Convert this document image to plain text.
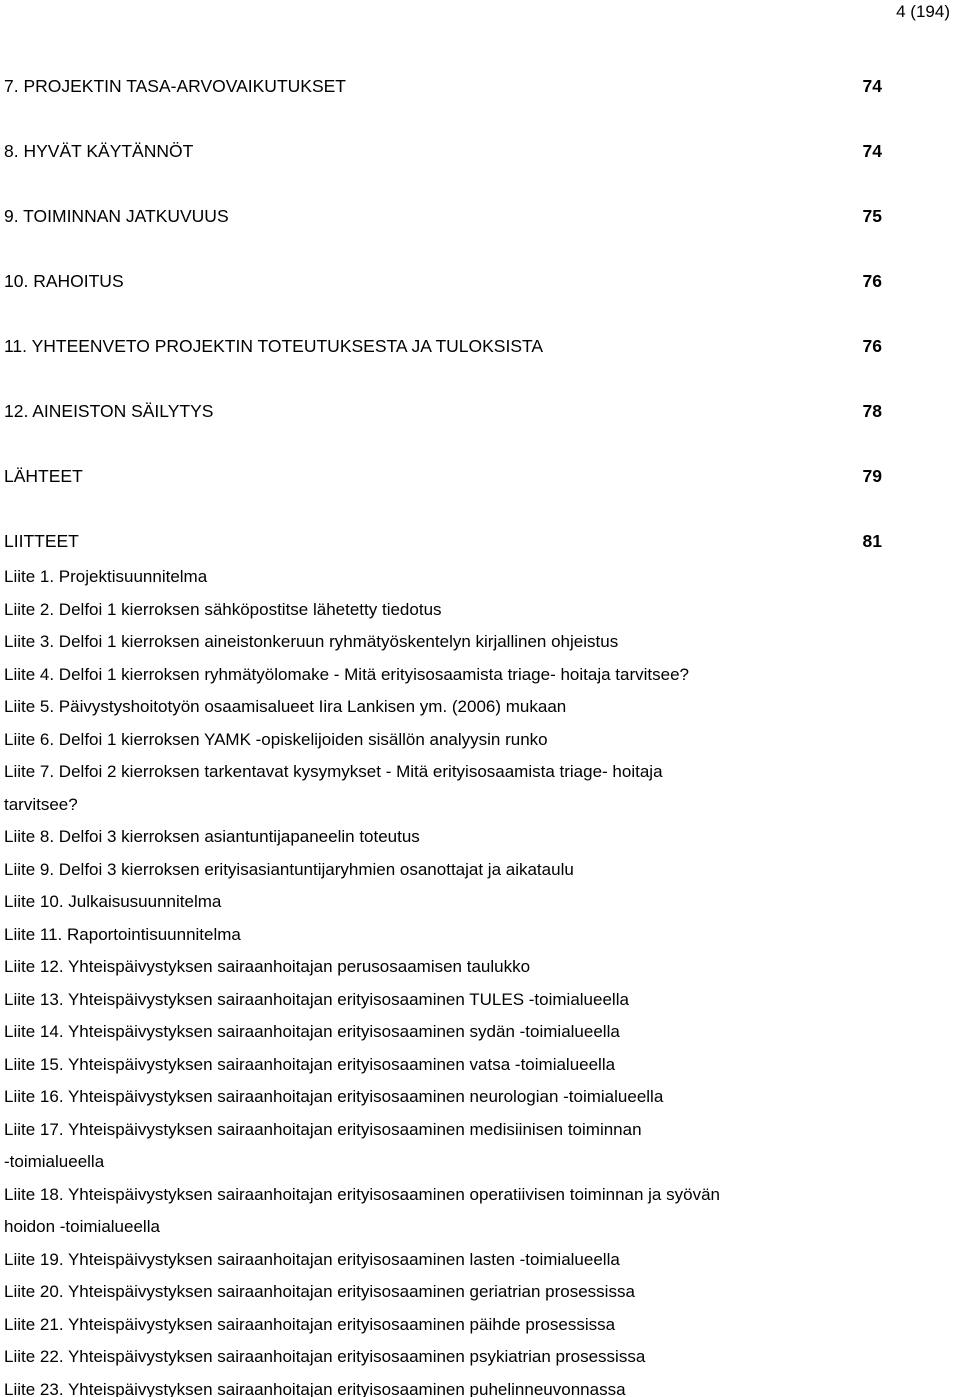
4 (194)
7. PROJEKTIN TASA-ARVOVAIKUTUKSET	74
8. HYVÄT KÄYTÄNNÖT	74
9. TOIMINNAN JATKUVUUS	75
10. RAHOITUS	76
11. YHTEENVETO PROJEKTIN TOTEUTUKSESTA JA TULOKSISTA	76
12. AINEISTON SÄILYTYS	78
LÄHTEET	79
LIITTEET	81
Liite 1. Projektisuunnitelma
Liite 2. Delfoi 1 kierroksen sähköpostitse lähetetty tiedotus
Liite 3. Delfoi 1 kierroksen aineistonkeruun ryhmätyöskentelyn kirjallinen ohjeistus
Liite 4. Delfoi 1 kierroksen ryhmätyölomake - Mitä erityisosaamista triage- hoitaja tarvitsee?
Liite 5. Päivystyshoitotyön osaamisalueet Iira Lankisen ym. (2006) mukaan
Liite 6. Delfoi 1 kierroksen YAMK -opiskelijoiden sisällön analyysin runko
Liite 7. Delfoi 2 kierroksen tarkentavat kysymykset - Mitä erityisosaamista triage- hoitaja
tarvitsee?
Liite 8. Delfoi 3 kierroksen asiantuntijapaneelin toteutus
Liite 9. Delfoi 3 kierroksen erityisasiantuntijaryhmien osanottajat ja aikataulu
Liite 10. Julkaisusuunnitelma
Liite 11. Raportointisuunnitelma
Liite 12. Yhteispäivystyksen sairaanhoitajan perusosaamisen taulukko
Liite 13. Yhteispäivystyksen sairaanhoitajan erityisosaaminen TULES -toimialueella
Liite 14. Yhteispäivystyksen sairaanhoitajan erityisosaaminen sydän -toimialueella
Liite 15. Yhteispäivystyksen sairaanhoitajan erityisosaaminen vatsa -toimialueella
Liite 16. Yhteispäivystyksen sairaanhoitajan erityisosaaminen neurologian -toimialueella
Liite 17. Yhteispäivystyksen sairaanhoitajan erityisosaaminen medisiinisen toiminnan
-toimialueella
Liite 18. Yhteispäivystyksen sairaanhoitajan erityisosaaminen operatiivisen toiminnan ja syövän
hoidon -toimialueella
Liite 19. Yhteispäivystyksen sairaanhoitajan erityisosaaminen lasten -toimialueella
Liite 20. Yhteispäivystyksen sairaanhoitajan erityisosaaminen geriatrian prosessissa
Liite 21. Yhteispäivystyksen sairaanhoitajan erityisosaaminen päihde prosessissa
Liite 22. Yhteispäivystyksen sairaanhoitajan erityisosaaminen psykiatrian prosessissa
Liite 23. Yhteispäivystyksen sairaanhoitajan erityisosaaminen puhelinneuvonnassa
